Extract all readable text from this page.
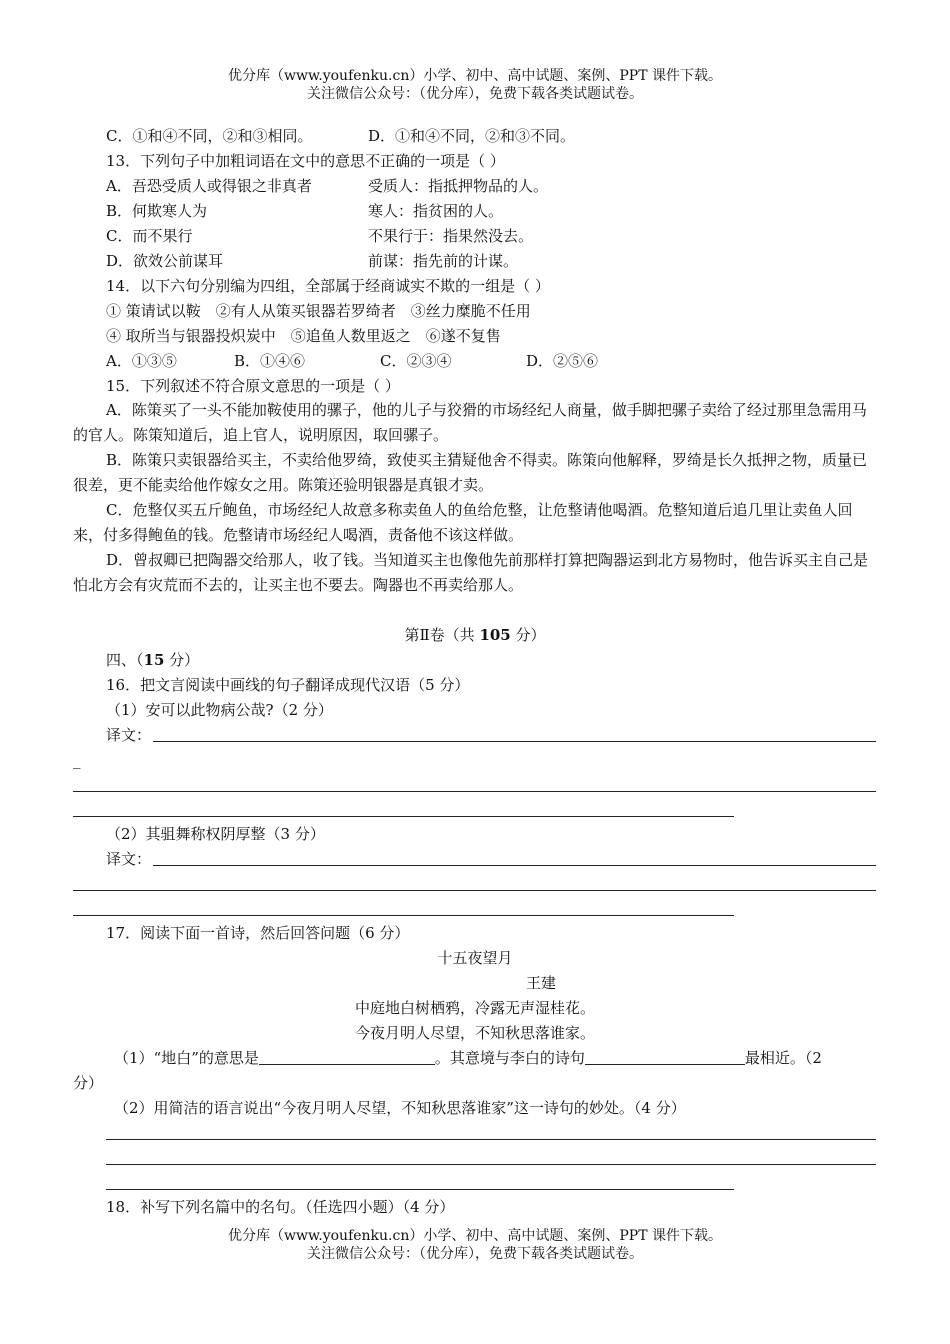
优分库（www.youfenku.cn）小学、初中、高中试题、案例、PPT 课件下载。
关注微信公众号：（优分库），免费下载各类试题试卷。
C．①和④不同，②和③相同。	D．①和④不同，②和③不同。
13．下列句子中加粗词语在文中的意思不正确的一项是（ ）
A．吾恐受质人或得银之非真者	受质人：指抵押物品的人。
B．何欺寒人为	寒人：指贫困的人。
C．而不果行	不果行于：指果然没去。
D．欲效公前谋耳	前谋：指先前的计谋。
14．以下六句分别编为四组，全部属于经商诚实不欺的一组是（ ）
① 策请试以鞍　②有人从策买银器若罗绮者　③丝力糜脆不任用
④ 取所当与银器投炽炭中　⑤追鱼人数里返之　⑥遂不复售
A．①③⑤	B．①④⑥	C．②③④	D．②⑤⑥
15．下列叙述不符合原文意思的一项是（ ）
A．陈策买了一头不能加鞍使用的骡子，他的儿子与狡猾的市场经纪人商量，做手脚把骡子卖给了经过那里急需用马的官人。陈策知道后，追上官人，说明原因，取回骡子。
B．陈策只卖银器给买主，不卖给他罗绮，致使买主猜疑他舍不得卖。陈策向他解释，罗绮是长久抵押之物，质量已很差，更不能卖给他作嫁女之用。陈策还验明银器是真银才卖。
C．危整仅买五斤鲍鱼，市场经纪人故意多称卖鱼人的鱼给危整，让危整请他喝酒。危整知道后追几里让卖鱼人回来，付多得鲍鱼的钱。危整请市场经纪人喝酒，责备他不该这样做。
D．曾叔卿已把陶器交给那人，收了钱。当知道买主也像他先前那样打算把陶器运到北方易物时，他告诉买主自己是怕北方会有灾荒而不去的，让买主也不要去。陶器也不再卖给那人。
第Ⅱ卷（共 105 分）
四、（15 分）
16．把文言阅读中画线的句子翻译成现代汉语（5 分）
（1）安可以此物病公哉?（2 分）
译文：
_
（2）其驵舞称权阴厚整（3 分）
译文：
17．阅读下面一首诗，然后回答问题（6 分）
十五夜望月
王建
中庭地白树栖鸦，冷露无声湿桂花。
今夜月明人尽望，不知秋思落谁家。
（1）“地白”的意思是	。其意境与李白的诗句	最相近。（2
分）
（2）用简洁的语言说出“今夜月明人尽望，不知秋思落谁家”这一诗句的妙处。（4 分）
18．补写下列名篇中的名句。（任选四小题）（4 分）
优分库（www.youfenku.cn）小学、初中、高中试题、案例、PPT 课件下载。
关注微信公众号：（优分库），免费下载各类试题试卷。
